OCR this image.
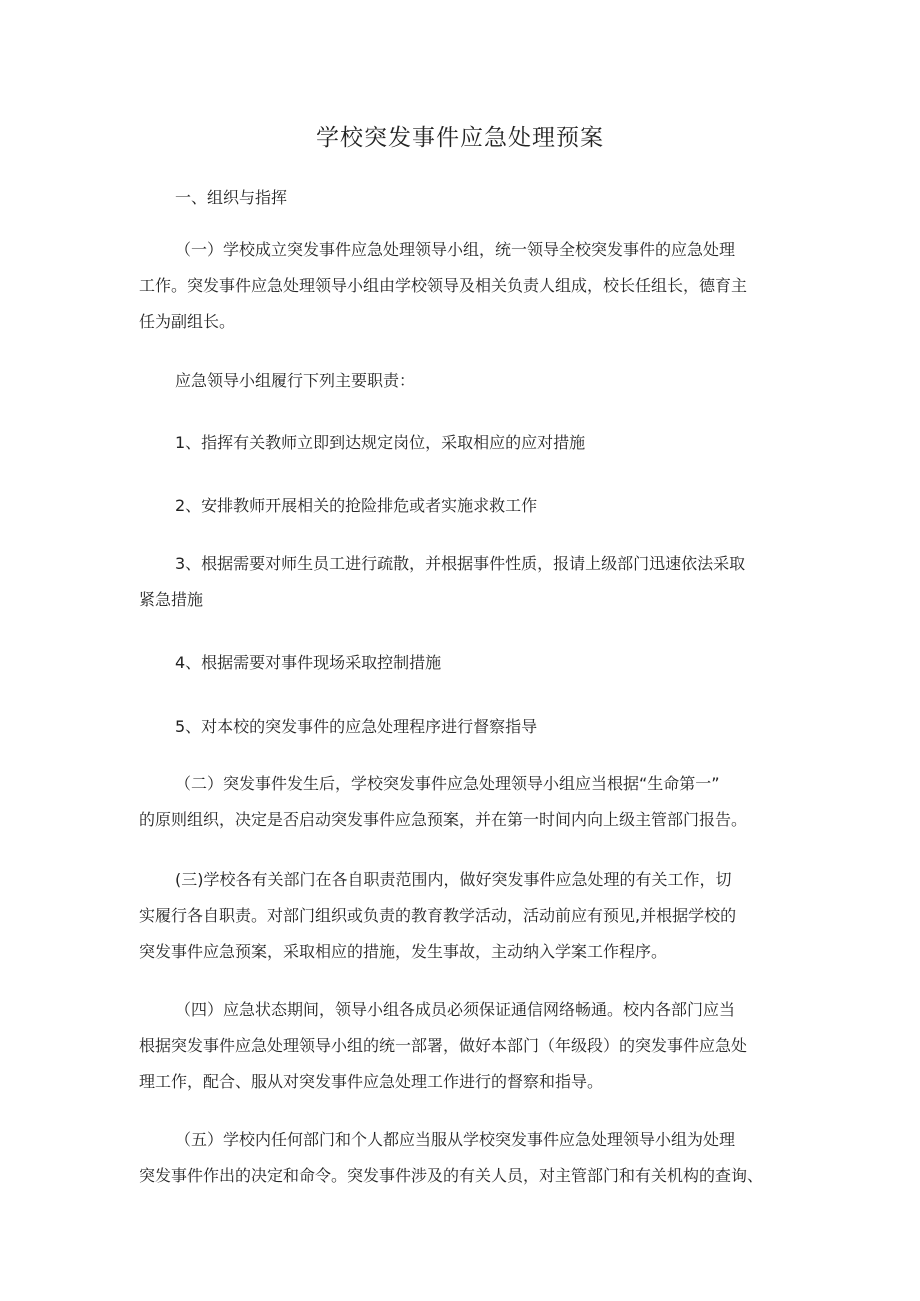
学校突发事件应急处理预案

一、组织与指挥

（一）学校成立突发事件应急处理领导小组，统一领导全校突发事件的应急处理
工作。突发事件应急处理领导小组由学校领导及相关负责人组成，校长任组长，德育主
任为副组长。

应急领导小组履行下列主要职责：

1、指挥有关教师立即到达规定岗位，采取相应的应对措施

2、安排教师开展相关的抢险排危或者实施求救工作

3、根据需要对师生员工进行疏散，并根据事件性质，报请上级部门迅速依法采取
紧急措施

4、根据需要对事件现场采取控制措施

5、对本校的突发事件的应急处理程序进行督察指导

（二）突发事件发生后，学校突发事件应急处理领导小组应当根据“生命第一”
的原则组织，决定是否启动突发事件应急预案，并在第一时间内向上级主管部门报告。
(三)学校各有关部门在各自职责范围内，做好突发事件应急处理的有关工作，切
实履行各自职责。对部门组织或负责的教育教学活动，活动前应有预见,并根据学校的
突发事件应急预案，采取相应的措施，发生事故，主动纳入学案工作程序。
（四）应急状态期间，领导小组各成员必须保证通信网络畅通。校内各部门应当
根据突发事件应急处理领导小组的统一部署，做好本部门（年级段）的突发事件应急处
理工作，配合、服从对突发事件应急处理工作进行的督察和指导。
（五）学校内任何部门和个人都应当服从学校突发事件应急处理领导小组为处理
突发事件作出的决定和命令。突发事件涉及的有关人员，对主管部门和有关机构的查询、
